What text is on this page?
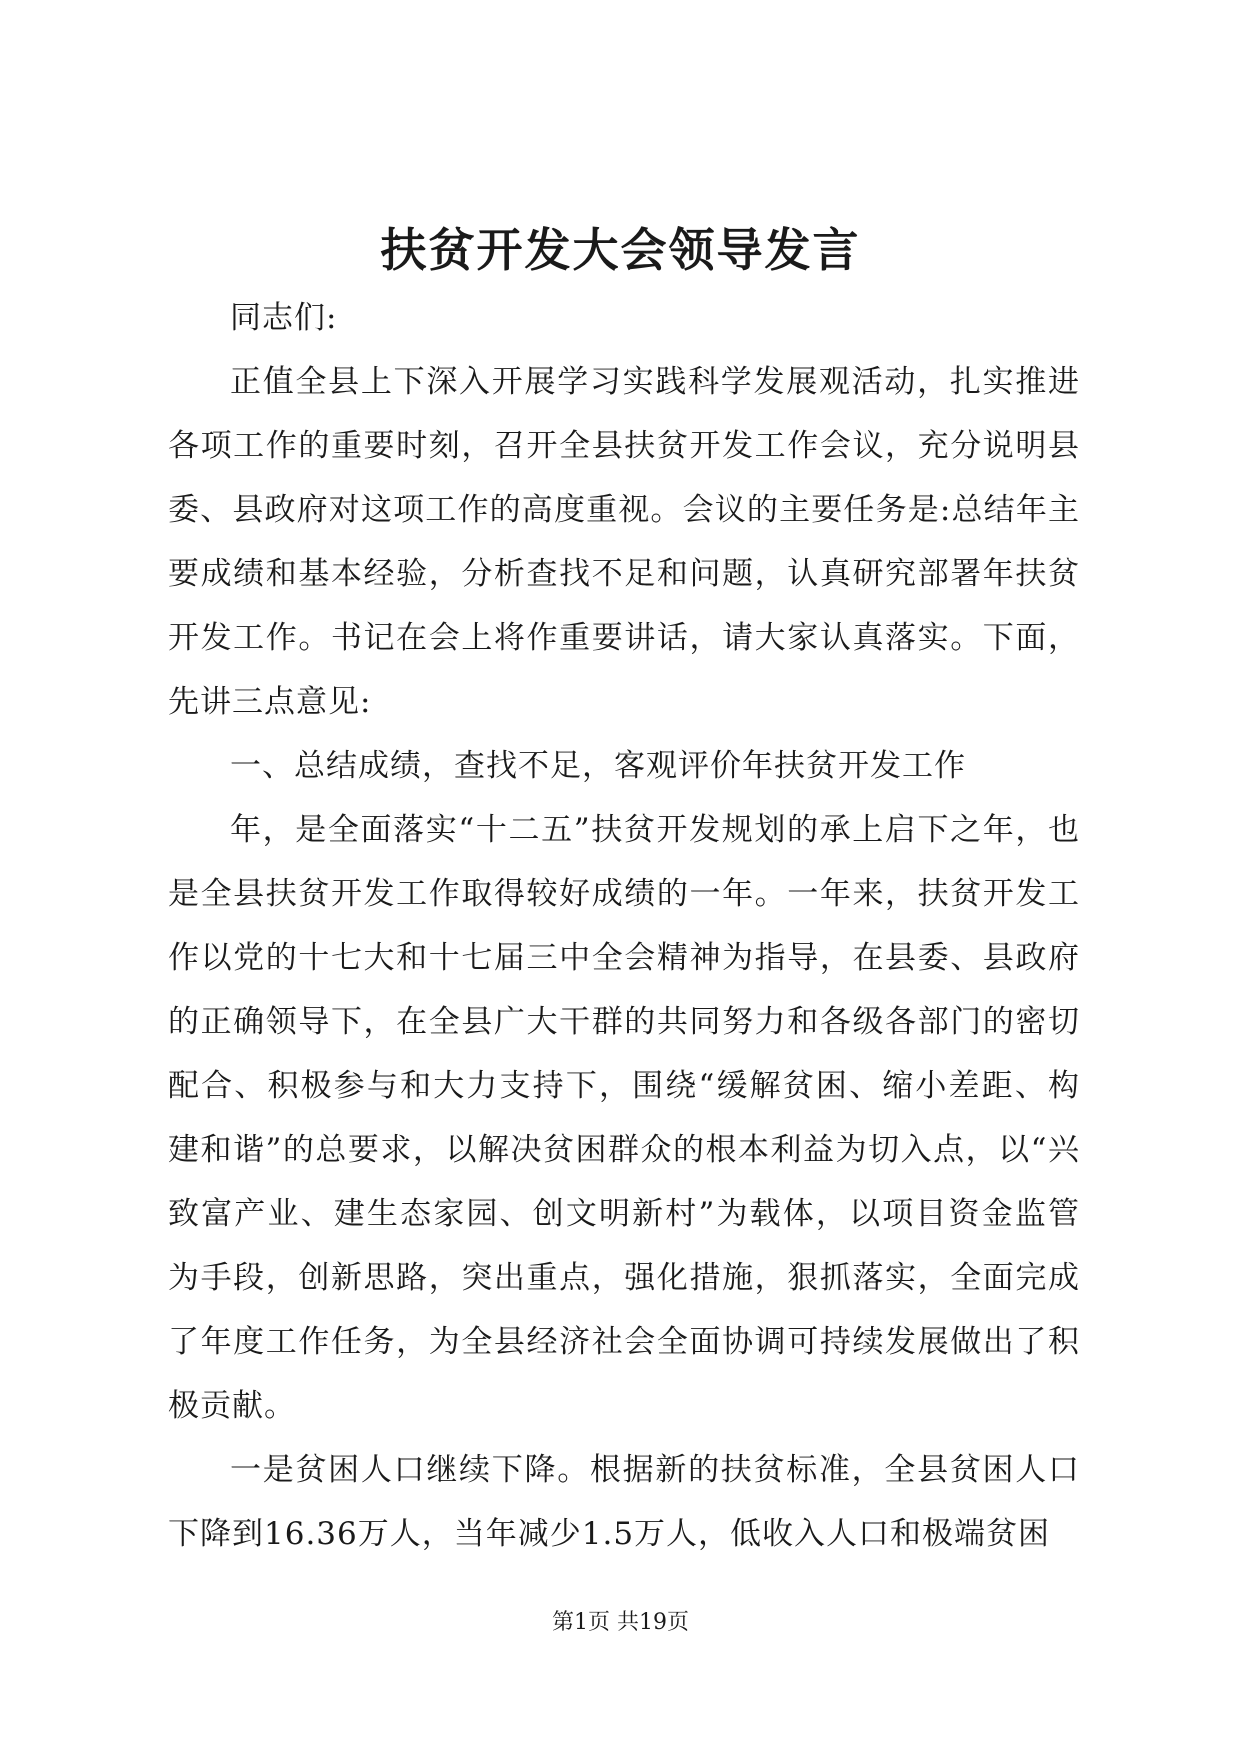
扶贫开发大会领导发言

同志们:

正值全县上下深入开展学习实践科学发展观活动，扎实推进各项工作的重要时刻，召开全县扶贫开发工作会议，充分说明县委、县政府对这项工作的高度重视。会议的主要任务是:总结年主要成绩和基本经验，分析查找不足和问题，认真研究部署年扶贫开发工作。书记在会上将作重要讲话，请大家认真落实。下面，先讲三点意见:

一、总结成绩，查找不足，客观评价年扶贫开发工作

年，是全面落实“十二五”扶贫开发规划的承上启下之年，也是全县扶贫开发工作取得较好成绩的一年。一年来，扶贫开发工作以党的十七大和十七届三中全会精神为指导，在县委、县政府的正确领导下，在全县广大干群的共同努力和各级各部门的密切配合、积极参与和大力支持下，围绕“缓解贫困、缩小差距、构建和谐”的总要求，以解决贫困群众的根本利益为切入点，以“兴致富产业、建生态家园、创文明新村”为载体，以项目资金监管为手段，创新思路，突出重点，强化措施，狠抓落实，全面完成了年度工作任务，为全县经济社会全面协调可持续发展做出了积极贡献。

一是贫困人口继续下降。根据新的扶贫标准，全县贫困人口下降到16.36万人，当年减少1.5万人，低收入人口和极端贫困

第1页 共19页
